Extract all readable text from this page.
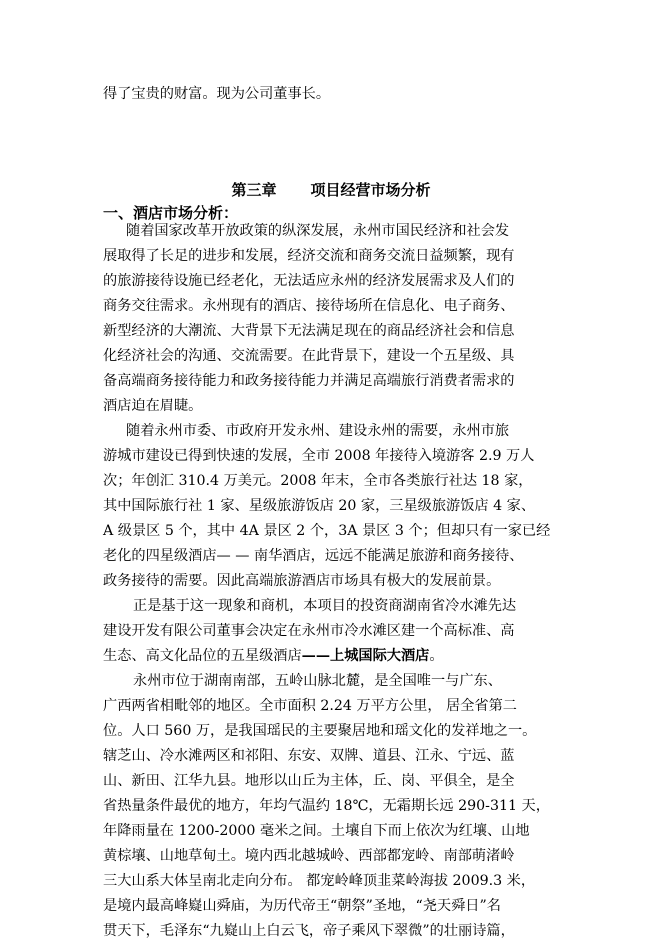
得了宝贵的财富。现为公司董事长。
第三章 项目经营市场分析
一、酒店市场分析：
随着国家改革开放政策的纵深发展，永州市国民经济和社会发
展取得了长足的进步和发展，经济交流和商务交流日益频繁，现有
的旅游接待设施已经老化，无法适应永州的经济发展需求及人们的
商务交往需求。永州现有的酒店、接待场所在信息化、电子商务、
新型经济的大潮流、大背景下无法满足现在的商品经济社会和信息
化经济社会的沟通、交流需要。在此背景下，建设一个五星级、具
备高端商务接待能力和政务接待能力并满足高端旅行消费者需求的
酒店迫在眉睫。
随着永州市委、市政府开发永州、建设永州的需要，永州市旅
游城市建设已得到快速的发展，全市 2008 年接待入境游客 2.9 万人
次；年创汇 310.4 万美元。2008 年末，全市各类旅行社达 18 家，
其中国际旅行社 1 家、星级旅游饭店 20 家，三星级旅游饭店 4 家、
A 级景区 5 个，其中 4A 景区 2 个，3A 景区 3 个；但却只有一家已经
老化的四星级酒店— — 南华酒店，远远不能满足旅游和商务接待、
政务接待的需要。因此高端旅游酒店市场具有极大的发展前景。
正是基于这一现象和商机，本项目的投资商湖南省冷水滩先达
建设开发有限公司董事会决定在永州市冷水滩区建一个高标准、高
生态、高文化品位的五星级酒店——上城国际大酒店。
永州市位于湖南南部，五岭山脉北麓，是全国唯一与广东、
广西两省相毗邻的地区。全市面积 2.24 万平方公里， 居全省第二
位。人口 560 万，是我国瑶民的主要聚居地和瑶文化的发祥地之一。
辖芝山、冷水滩两区和祁阳、东安、双牌、道县、江永、宁远、蓝
山、新田、江华九县。地形以山丘为主体，丘、岗、平俱全，是全
省热量条件最优的地方，年均气温约 18℃，无霜期长远 290-311 天，
年降雨量在 1200-2000 毫米之间。土壤自下而上依次为红壤、山地
黄棕壤、山地草甸土。境内西北越城岭、西部都宠岭、南部萌渚岭
三大山系大体呈南北走向分布。 都宠岭峰顶韭菜岭海拔 2009.3 米，
是境内最高峰嶷山舜庙，为历代帝王“朝祭”圣地，“尧天舜日”名
贯天下，毛泽东“九嶷山上白云飞，帝子乘风下翠微”的壮丽诗篇，
